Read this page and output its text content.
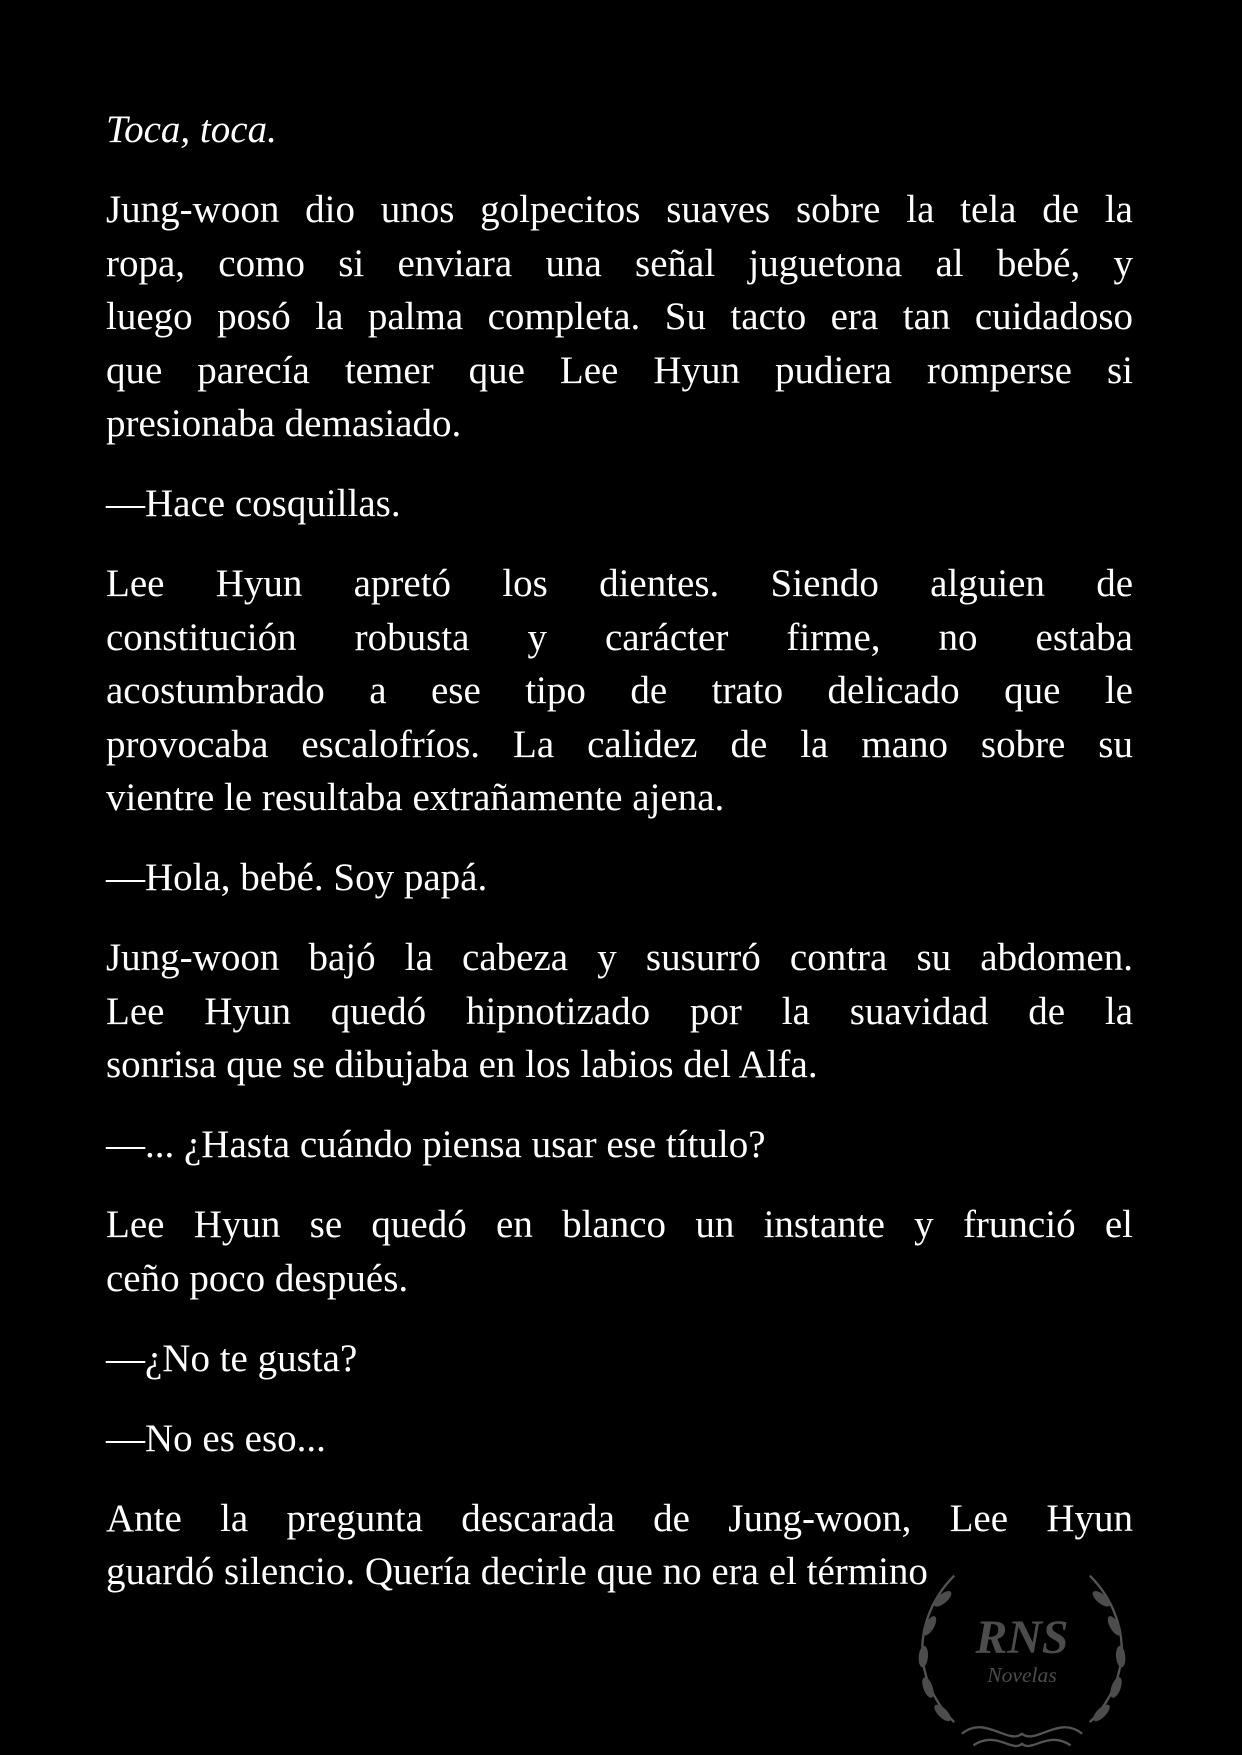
RNS
Novelas

Toca, toca.

Jung-woon dio unos golpecitos suaves sobre la tela de la
ropa, como si enviara una señal juguetona al bebé, y
luego posó la palma completa. Su tacto era tan cuidadoso
que parecía temer que Lee Hyun pudiera romperse si
presionaba demasiado.

—Hace cosquillas.

Lee Hyun apretó los dientes. Siendo alguien de
constitución robusta y carácter firme, no estaba
acostumbrado a ese tipo de trato delicado que le
provocaba escalofríos. La calidez de la mano sobre su
vientre le resultaba extrañamente ajena.

—Hola, bebé. Soy papá.

Jung-woon bajó la cabeza y susurró contra su abdomen.
Lee Hyun quedó hipnotizado por la suavidad de la
sonrisa que se dibujaba en los labios del Alfa.

—... ¿Hasta cuándo piensa usar ese título?

Lee Hyun se quedó en blanco un instante y frunció el
ceño poco después.

—¿No te gusta?

—No es eso...

Ante la pregunta descarada de Jung-woon, Lee Hyun
guardó silencio. Quería decirle que no era el término
